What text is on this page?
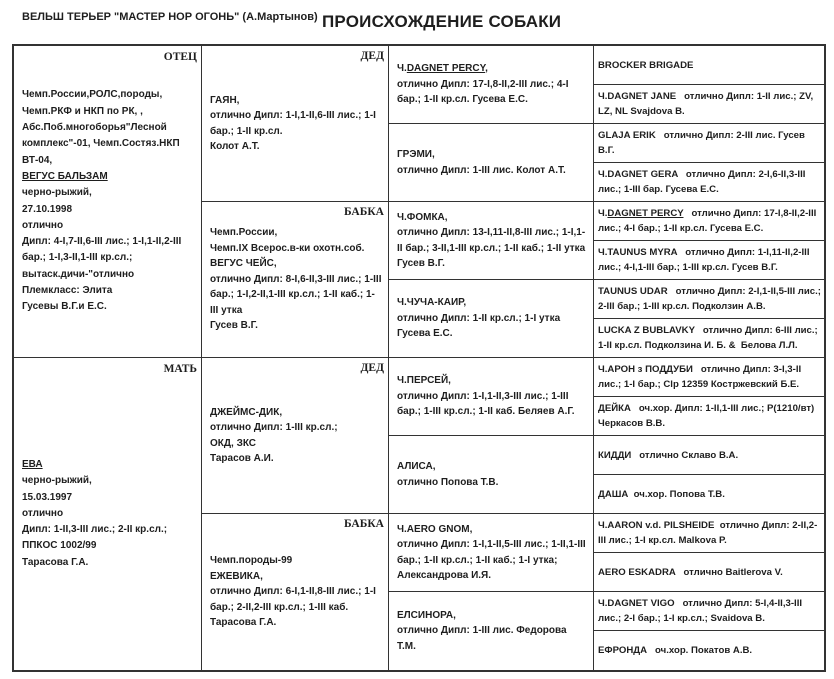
ВЕЛЬШ ТЕРЬЕР "МАСТЕР НОР ОГОНЬ" (А.Мартынов) ПРОИСХОЖДЕНИЕ СОБАКИ
ОТЕЦ
Чемп.России,РОЛС,породы,
Чемп.РКФ и НКП по РК, ,
Абс.Поб.многоборья"Лесной
комплекс"-01, Чемп.Состяз.НКП
ВТ-04,
ВЕГУС БАЛЬЗАМ
черно-рыжий,
27.10.1998
отлично
Дипл: 4-I,7-II,6-III лис.; 1-I,1-II,2-III
бар.; 1-I,3-II,1-III кр.сл.;
вытаск.дичи-"отлично
Племкласс: Элита
Гусевы В.Г.и Е.С.
МАТЬ
ЕВА
черно-рыжий,
15.03.1997
отлично
Дипл: 1-II,3-III лис.; 2-II кр.сл.;
ППКОС 1002/99
Тарасова Г.А.
ДЕД
ГАЯН,
отлично Дипл: 1-I,1-II,6-III лис.; 1-I бар.; 1-II кр.сл.
Колот А.Т.
БАБКА
Чемп.России,
Чемп.IX Всерос.в-ки охотн.соб.
ВЕГУС ЧЕЙС,
отлично Дипл: 8-I,6-II,3-III лис.; 1-III бар.; 1-I,2-II,1-III кр.сл.; 1-II каб.; 1-III утка
Гусев В.Г.
ДЕД
ДЖЕЙМС-ДИК,
отлично Дипл: 1-III кр.сл.;
ОКД, ЗКС
Тарасов А.И.
БАБКА
Чемп.породы-99
ЕЖЕВИКА,
отлично Дипл: 6-I,1-II,8-III лис.; 1-I бар.; 2-II,2-III кр.сл.; 1-III каб.
Тарасова Г.А.
Ч.DAGNET PERCY,
отлично Дипл: 17-I,8-II,2-III лис.; 4-I бар.; 1-II кр.сл. Гусева Е.С.
ГРЭМИ,
отлично Дипл: 1-III лис. Колот А.Т.
Ч.ФОМКА,
отлично Дипл: 13-I,11-II,8-III лис.; 1-I,1-II бар.; 3-II,1-III кр.сл.; 1-II каб.; 1-II утка Гусев В.Г.
Ч.ЧУЧА-КАИР,
отлично Дипл: 1-II кр.сл.; 1-I утка Гусева Е.С.
Ч.ПЕРСЕЙ,
отлично Дипл: 1-I,1-II,3-III лис.; 1-III бар.; 1-III кр.сл.; 1-II каб. Беляев А.Г.
АЛИСА,
отлично Попова Т.В.
Ч.AERO GNOM,
отлично Дипл: 1-I,1-II,5-III лис.; 1-II,1-III бар.; 1-II кр.сл.; 1-II каб.; 1-I утка; Александрова И.Я.
ЕЛСИНОРА,
отлично Дипл: 1-III лис. Федорова Т.М.
BROCKER BRIGADE
Ч.DAGNET JANE   отлично Дипл: 1-II лис.; ZV, LZ, NL Svajdova B.
GLAJA ERIK   отлично Дипл: 2-III лис. Гусев В.Г.
Ч.DAGNET GERA   отлично Дипл: 2-I,6-II,3-III лис.; 1-III бар. Гусева Е.С.
Ч.DAGNET PERCY   отлично Дипл: 17-I,8-II,2-III лис.; 4-I бар.; 1-II кр.сл. Гусева Е.С.
Ч.TAUNUS MYRA   отлично Дипл: 1-I,11-II,2-III лис.; 4-I,1-III бар.; 1-III кр.сл. Гусев В.Г.
TAUNUS UDAR   отлично Дипл: 2-I,1-II,5-III лис.; 2-III бар.; 1-III кр.сл. Подколзин А.В.
LUCKA Z BUBLAVKY   отлично Дипл: 6-III лис.; 1-II кр.сл. Подколзина И. Б. &  Белова Л.Л.
Ч.АРОН з ПОДДУБИ   отлично Дипл: 3-I,3-II лис.; 1-I бар.; Clp 12359 Костржевский Б.Е.
ДЕЙКА   оч.хор. Дипл: 1-II,1-III лис.; Р(1210/вт) Черкасов В.В.
КИДДИ   отлично Склаво В.А.
ДАША  оч.хор. Попова Т.В.
Ч.AARON v.d. PILSHEIDE  отлично Дипл: 2-II,2-III лис.; 1-I кр.сл. Malkova P.
AERO ESKADRA   отлично Baitlerova V.
Ч.DAGNET VIGO   отлично Дипл: 5-I,4-II,3-III лис.; 2-I бар.; 1-I кр.сл.; Svaidova B.
ЕФРОНДА   оч.хор. Покатов А.В.
